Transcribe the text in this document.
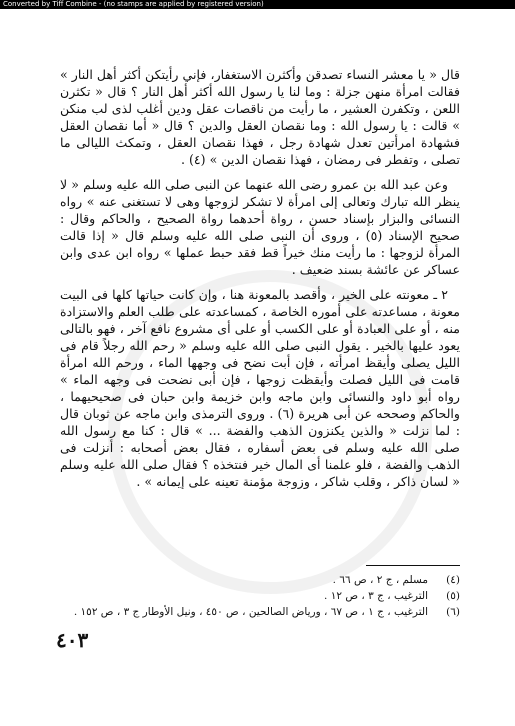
Converted by Tiff Combine - (no stamps are applied by registered version)

قال « يا معشر النساء تصدقن وأكثرن الاستغفار، فإني رأيتكن أكثر أهل النار » فقالت امرأة منهن جزلة : وما لنا يا رسول الله أكثر أهل النار ؟ قال « تكثرن اللعن ، وتكفرن العشير ، ما رأيت من ناقصات عقل ودين أغلب لذى لب منكن » قالت : يا رسول الله : وما نقصان العقل والدين ؟ قال « أما نقصان العقل فشهادة امرأتين تعدل شهادة رجل ، فهذا نقصان العقل ، وتمكث الليالى ما تصلى ، وتفطر فى رمضان ، فهذا نقصان الدين » (٤) .

وعن عبد الله بن عمرو رضى الله عنهما عن النبى صلى الله عليه وسلم « لا ينظر الله تبارك وتعالى إلى امرأة لا تشكر لزوجها وهى لا تستغنى عنه » رواه النسائى والبزار بإسناد حسن ، رواة أحدهما رواة الصحيح ، والحاكم وقال : صحيح الإسناد (٥) ، وروى أن النبى صلى الله عليه وسلم قال « إذا قالت المرأة لزوجها : ما رأيت منك خيراً قط فقد حبط عملها » رواه ابن عدى وابن عساكر عن عائشة بسند ضعيف .

٢ ـ معونته على الخير ، وأقصد بالمعونة هنا ، وإن كانت حياتها كلها فى البيت معونة ، مساعدته على أموره الخاصة ، كمساعدته على طلب العلم والاستزادة منه ، أو على العبادة أو على الكسب أو على أى مشروع نافع آخر ، فهو بالتالى يعود عليها بالخير . يقول النبى صلى الله عليه وسلم « رحم الله رجلاً قام فى الليل يصلى وأيقظ امرأته ، فإن أبت نضح فى وجهها الماء ، ورحم الله امرأة قامت فى الليل فصلت وأيقظت زوجها ، فإن أبى نضحت فى وجهه الماء » رواه أبو داود والنسائى وابن ماجه وابن خزيمة وابن حبان فى صحيحيهما ، والحاكم وصححه عن أبى هريرة (٦) . وروى الترمذى وابن ماجه عن ثوبان قال : لما نزلت « والذين يكنزون الذهب والفضة ... » قال : كنا مع رسول الله صلى الله عليه وسلم فى بعض أسفاره ، فقال بعض أصحابه : أنزلت فى الذهب والفضة ، فلو علمنا أى المال خير فنتخذه ؟ فقال صلى الله عليه وسلم « لسان ذاكر ، وقلب شاكر ، وزوجة مؤمنة تعينه على إيمانه » .

(٤)
مسلم ، ج ٢ ، ص ٦٦ .
(٥)
الترغيب ، ج ٣ ، ص ١٢ .
(٦)
الترغيب ، ج ١ ، ص ٦٧ ، ورياض الصالحين ، ص ٤٥٠ ، ونيل الأوطار ج ٣ ، ص ١٥٢ .
٤٠٣
